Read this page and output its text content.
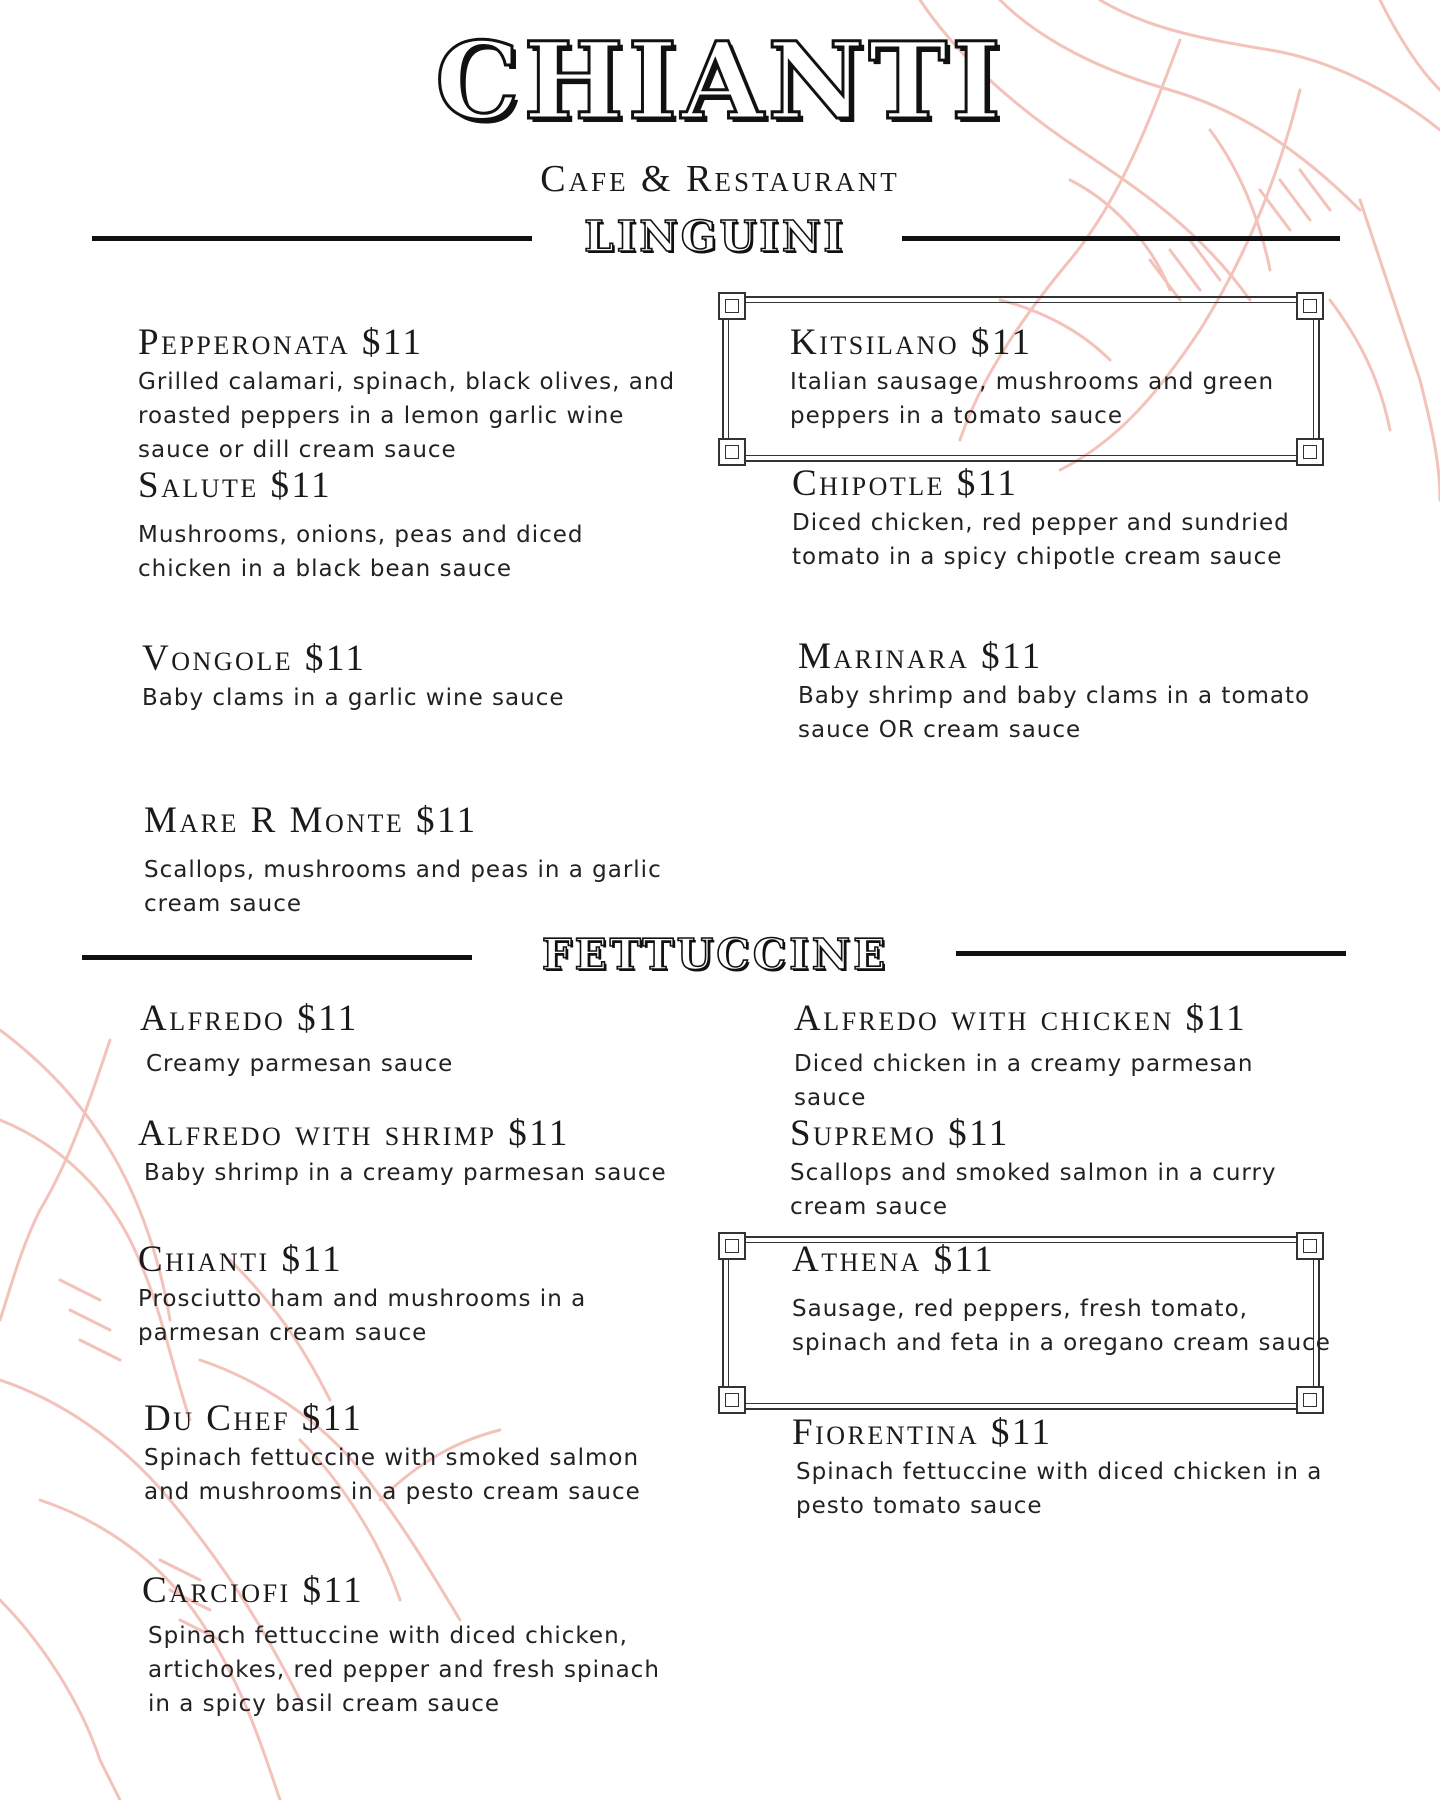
CHIANTI
Cafe & Restaurant
LINGUINI
Pepperonata $11
Grilled calamari, spinach, black olives, and roasted peppers in a lemon garlic wine sauce or dill cream sauce
Kitsilano $11
Italian sausage, mushrooms and green peppers in a tomato sauce
Salute $11
Mushrooms, onions, peas and diced chicken in a black bean sauce
Chipotle $11
Diced chicken, red pepper and sundried tomato in a spicy chipotle cream sauce
Vongole $11
Baby clams in a garlic wine sauce
Marinara $11
Baby shrimp and baby clams in a tomato sauce OR cream sauce
Mare R Monte $11
Scallops, mushrooms and peas in a garlic cream sauce
FETTUCCINE
Alfredo $11
Creamy parmesan sauce
Alfredo with chicken $11
Diced chicken in a creamy parmesan sauce
Alfredo with shrimp $11
Baby shrimp in a creamy parmesan sauce
Supremo $11
Scallops and smoked salmon in a curry cream sauce
Chianti $11
Prosciutto ham and mushrooms in a parmesan cream sauce
Athena $11
Sausage, red peppers, fresh tomato, spinach and feta in a oregano cream sauce
Du Chef $11
Spinach fettuccine with smoked salmon and mushrooms in a pesto cream sauce
Fiorentina $11
Spinach fettuccine with diced chicken in a pesto tomato sauce
Carciofi $11
Spinach fettuccine with diced chicken, artichokes, red pepper and fresh spinach in a spicy basil cream sauce
